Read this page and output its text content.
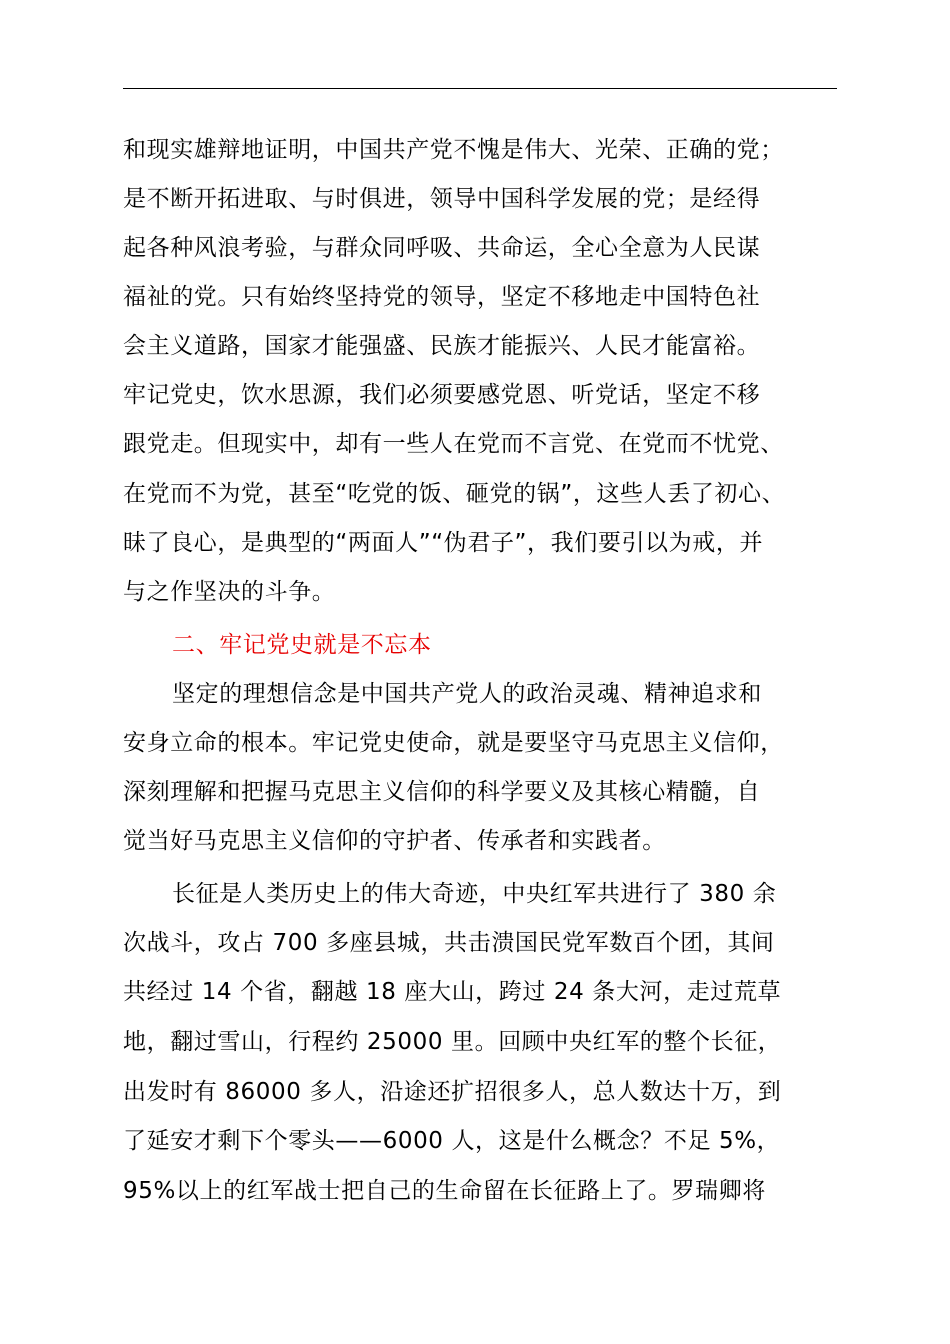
和现实雄辩地证明，中国共产党不愧是伟大、光荣、正确的党；
是不断开拓进取、与时俱进，领导中国科学发展的党；是经得
起各种风浪考验，与群众同呼吸、共命运，全心全意为人民谋
福祉的党。只有始终坚持党的领导，坚定不移地走中国特色社
会主义道路，国家才能强盛、民族才能振兴、人民才能富裕。
牢记党史，饮水思源，我们必须要感党恩、听党话，坚定不移
跟党走。但现实中，却有一些人在党而不言党、在党而不忧党、
在党而不为党，甚至“吃党的饭、砸党的锅”，这些人丢了初心、
昧了良心，是典型的“两面人”“伪君子”，我们要引以为戒，并
与之作坚决的斗争。
二、牢记党史就是不忘本
坚定的理想信念是中国共产党人的政治灵魂、精神追求和
安身立命的根本。牢记党史使命，就是要坚守马克思主义信仰，
深刻理解和把握马克思主义信仰的科学要义及其核心精髓，自
觉当好马克思主义信仰的守护者、传承者和实践者。
长征是人类历史上的伟大奇迹，中央红军共进行了 380 余
次战斗，攻占 700 多座县城，共击溃国民党军数百个团，其间
共经过 14 个省，翻越 18 座大山，跨过 24 条大河，走过荒草
地，翻过雪山，行程约 25000 里。回顾中央红军的整个长征，
出发时有 86000 多人，沿途还扩招很多人，总人数达十万，到
了延安才剩下个零头——6000 人，这是什么概念？不足 5%，
95%以上的红军战士把自己的生命留在长征路上了。罗瑞卿将
